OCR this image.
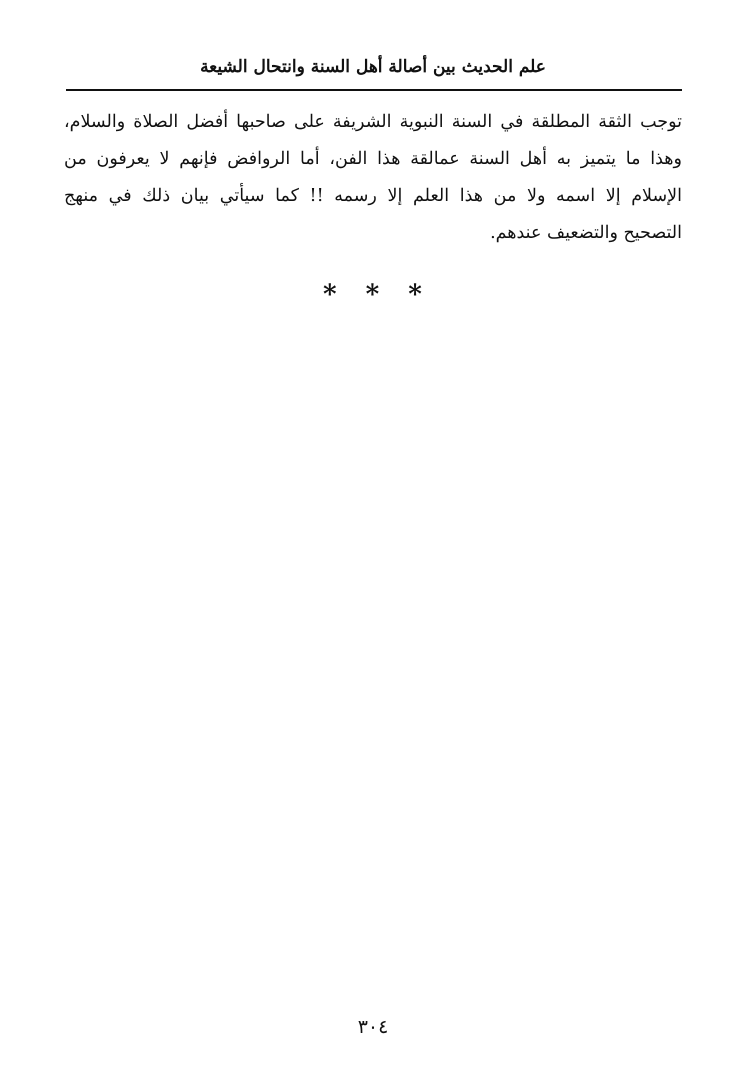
علم الحديث بين أصالة أهل السنة وانتحال الشيعة
توجب الثقة المطلقة في السنة النبوية الشريفة على صاحبها أفضل الصلاة والسلام،
وهذا ما يتميز به أهل السنة عمالقة هذا الفن، أما الروافض فإنهم لا يعرفون من
الإسلام إلا اسمه ولا من هذا العلم إلا رسمه !! كما سيأتي بيان ذلك في منهج
التصحيح والتضعيف عندهم.
* * *
٣٠٤
